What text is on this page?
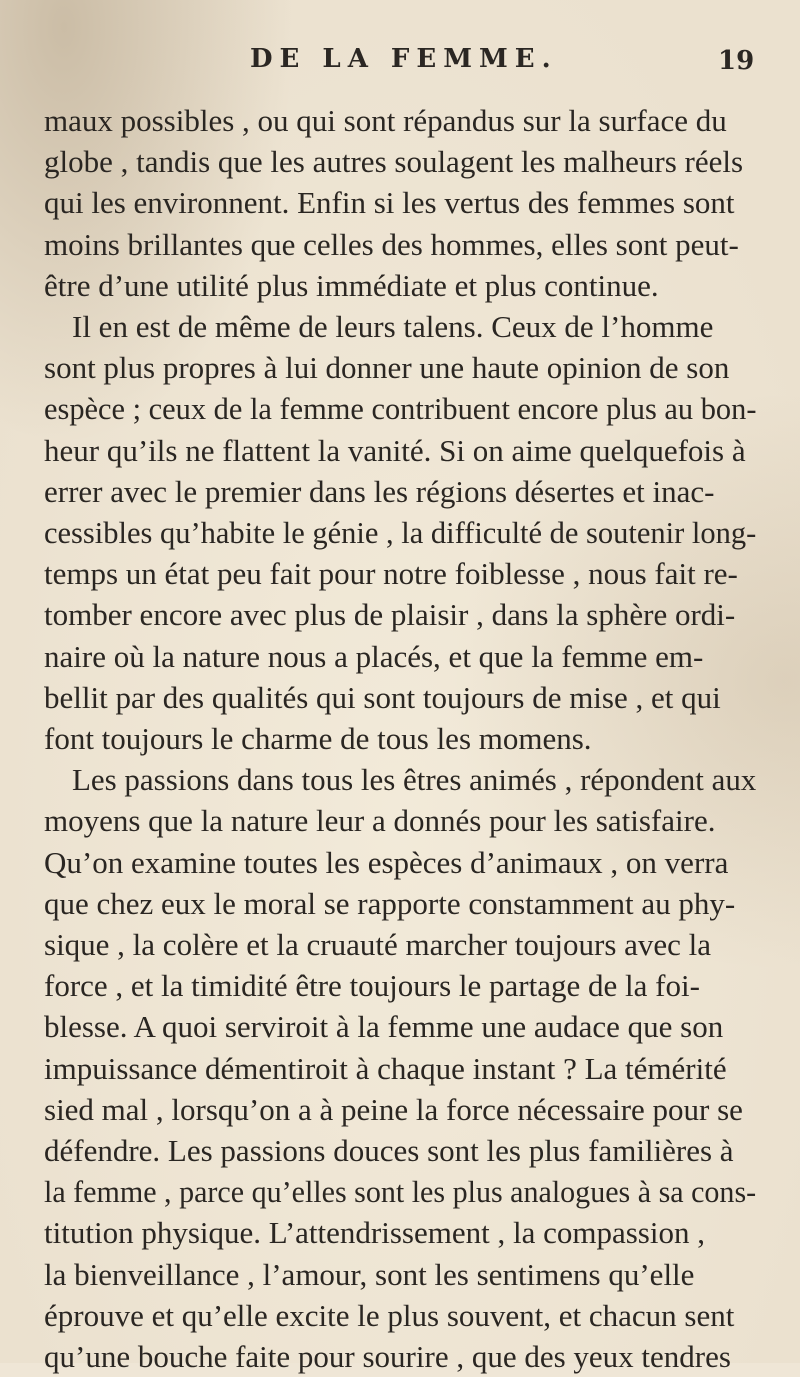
DE LA FEMME.	19
maux possibles , ou qui sont répandus sur la surface du
globe , tandis que les autres soulagent les malheurs réels
qui les environnent. Enfin si les vertus des femmes sont
moins brillantes que celles des hommes, elles sont peut-
être d’une utilité plus immédiate et plus continue.
Il en est de même de leurs talens. Ceux de l’homme
sont plus propres à lui donner une haute opinion de son
espèce ; ceux de la femme contribuent encore plus au bon-
heur qu’ils ne flattent la vanité. Si on aime quelquefois à
errer avec le premier dans les régions désertes et inac-
cessibles qu’habite le génie , la difficulté de soutenir long-
temps un état peu fait pour notre foiblesse , nous fait re-
tomber encore avec plus de plaisir , dans la sphère ordi-
naire où la nature nous a placés, et que la femme em-
bellit par des qualités qui sont toujours de mise , et qui
font toujours le charme de tous les momens.
Les passions dans tous les êtres animés , répondent aux
moyens que la nature leur a donnés pour les satisfaire.
Qu’on examine toutes les espèces d’animaux , on verra
que chez eux le moral se rapporte constamment au phy-
sique , la colère et la cruauté marcher toujours avec la
force , et la timidité être toujours le partage de la foi-
blesse. A quoi serviroit à la femme une audace que son
impuissance démentiroit à chaque instant ? La témérité
sied mal , lorsqu’on a à peine la force nécessaire pour se
défendre. Les passions douces sont les plus familières à
la femme , parce qu’elles sont les plus analogues à sa cons-
titution physique. L’attendrissement , la compassion ,
la bienveillance , l’amour, sont les sentimens qu’elle
éprouve et qu’elle excite le plus souvent, et chacun sent
qu’une bouche faite pour sourire , que des yeux tendres
